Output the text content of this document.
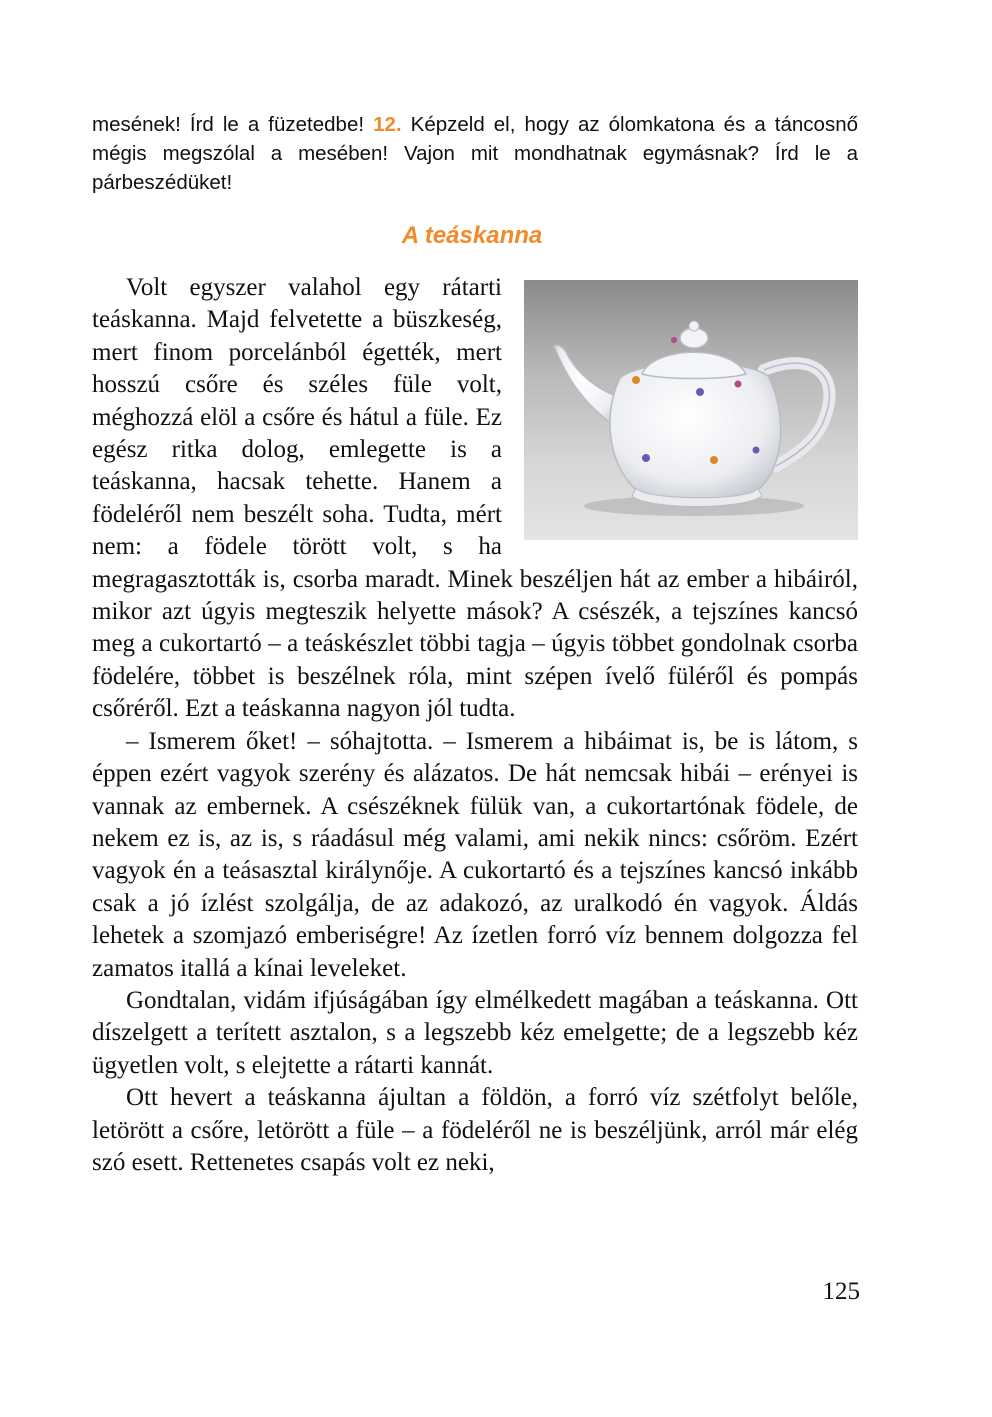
mesének! Írd le a füzetedbe! 12. Képzeld el, hogy az ólomkatona és a táncosnő mégis megszólal a mesében! Vajon mit mondhatnak egymásnak? Írd le a párbeszédüket!
A teáskanna

Volt egyszer valahol egy rátarti teáskanna. Majd felvetette a büszkeség, mert finom porcelánból égették, mert hosszú csőre és széles füle volt, méghozzá elöl a csőre és hátul a füle. Ez egész ritka dolog, emlegette is a teáskanna, hacsak tehette. Hanem a födeléről nem beszélt soha. Tudta, mért nem: a födele törött volt, s ha megragasztották is, csorba maradt. Minek beszéljen hát az ember a hibáiról, mikor azt úgyis megteszik helyette mások? A csészék, a tejszínes kancsó meg a cukortartó – a teáskészlet többi tagja – úgyis többet gondolnak csorba födelére, többet is beszélnek róla, mint szépen ívelő füléről és pompás csőréről. Ezt a teáskanna nagyon jól tudta.

– Ismerem őket! – sóhajtotta. – Ismerem a hibáimat is, be is látom, s éppen ezért vagyok szerény és alázatos. De hát nemcsak hibái – erényei is vannak az embernek. A csészéknek fülük van, a cukortartónak födele, de nekem ez is, az is, s ráadásul még valami, ami nekik nincs: csőröm. Ezért vagyok én a teásasztal királynője. A cukortartó és a tejszínes kancsó inkább csak a jó ízlést szolgálja, de az adakozó, az uralkodó én vagyok. Áldás lehetek a szomjazó emberiségre! Az ízetlen forró víz bennem dolgozza fel zamatos itallá a kínai leveleket.

Gondtalan, vidám ifjúságában így elmélkedett magában a teáskanna. Ott díszelgett a terített asztalon, s a legszebb kéz emelgette; de a legszebb kéz ügyetlen volt, s elejtette a rátarti kannát.

Ott hevert a teáskanna ájultan a földön, a forró víz szétfolyt belőle, letörött a csőre, letörött a füle – a födeléről ne is beszéljünk, arról már elég szó esett. Rettenetes csapás volt ez neki,

125
